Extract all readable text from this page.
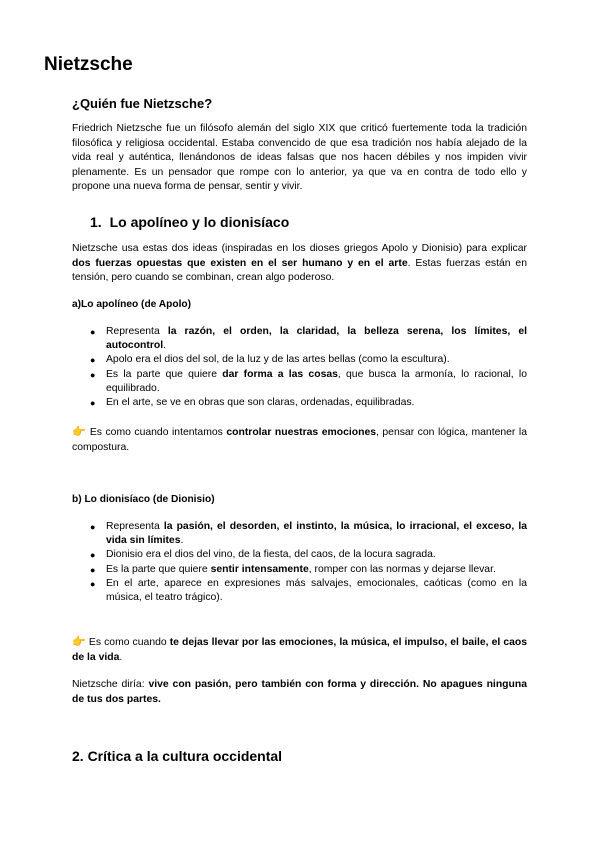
Nietzsche
¿Quién fue Nietzsche?
Friedrich Nietzsche fue un filósofo alemán del siglo XIX que criticó fuertemente toda la tradición filosófica y religiosa occidental. Estaba convencido de que esa tradición nos había alejado de la vida real y auténtica, llenándonos de ideas falsas que nos hacen débiles y nos impiden vivir plenamente. Es un pensador que rompe con lo anterior, ya que va en contra de todo ello y propone una nueva forma de pensar, sentir y vivir.
1. Lo apolíneo y lo dionisíaco
Nietzsche usa estas dos ideas (inspiradas en los dioses griegos Apolo y Dionisio) para explicar dos fuerzas opuestas que existen en el ser humano y en el arte. Estas fuerzas están en tensión, pero cuando se combinan, crean algo poderoso.
a)Lo apolíneo (de Apolo)
● Representa la razón, el orden, la claridad, la belleza serena, los límites, el autocontrol.
● Apolo era el dios del sol, de la luz y de las artes bellas (como la escultura).
● Es la parte que quiere dar forma a las cosas, que busca la armonía, lo racional, lo equilibrado.
● En el arte, se ve en obras que son claras, ordenadas, equilibradas.
👉 Es como cuando intentamos controlar nuestras emociones, pensar con lógica, mantener la compostura.
b) Lo dionisíaco (de Dionisio)
● Representa la pasión, el desorden, el instinto, la música, lo irracional, el exceso, la vida sin límites.
● Dionisio era el dios del vino, de la fiesta, del caos, de la locura sagrada.
● Es la parte que quiere sentir intensamente, romper con las normas y dejarse llevar.
● En el arte, aparece en expresiones más salvajes, emocionales, caóticas (como en la música, el teatro trágico).
👉 Es como cuando te dejas llevar por las emociones, la música, el impulso, el baile, el caos de la vida.
Nietzsche diría: vive con pasión, pero también con forma y dirección. No apagues ninguna de tus dos partes.
2. Crítica a la cultura occidental
